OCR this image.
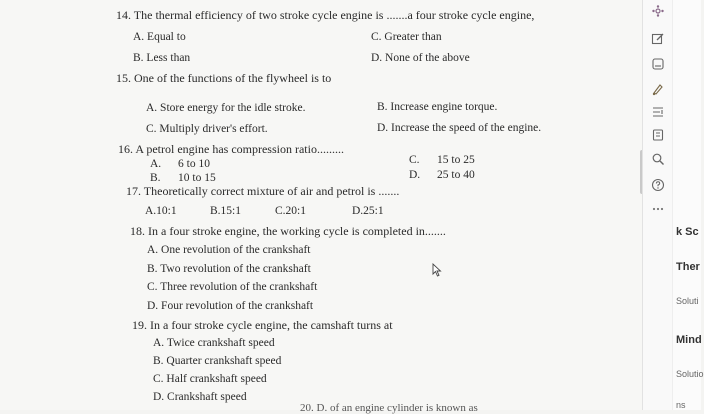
14. The thermal efficiency of two stroke cycle engine is .......a four stroke cycle engine,
A. Equal to	C. Greater than
B. Less than	D. None of the above
15. One of the functions of the flywheel is to
A. Store energy for the idle stroke.	B. Increase engine torque.
C. Multiply driver's effort.	D. Increase the speed of the engine.
16. A petrol engine has compression ratio.........
A. 6 to 10
B. 10 to 15
C. 15 to 25
D. 25 to 40
17. Theoretically correct mixture of air and petrol is .......
A.10:1	B.15:1	C.20:1	D.25:1
18. In a four stroke engine, the working cycle is completed in.......
A. One revolution of the crankshaft
B. Two revolution of the crankshaft
C. Three revolution of the crankshaft
D. Four revolution of the crankshaft
19. In a four stroke cycle engine, the camshaft turns at
A. Twice crankshaft speed
B. Quarter crankshaft speed
C. Half crankshaft speed
D. Crankshaft speed
20. D. of an engine cylinder is known as
k Sc
Ther
Soluti
Mind
Solutio
ns
